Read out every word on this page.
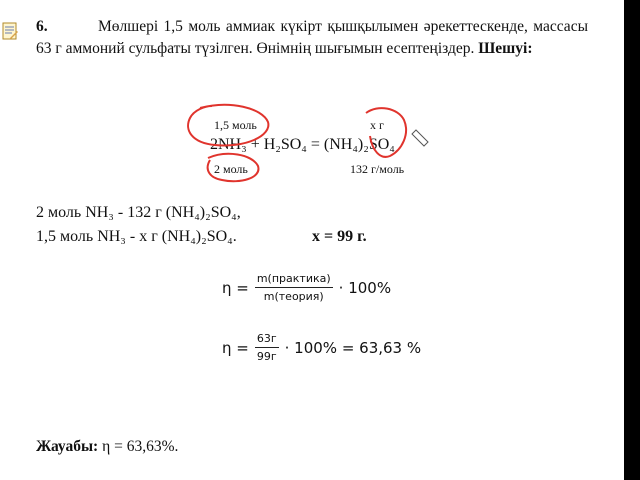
6.	Мөлшері 1,5 моль аммиак күкірт қышқылымен әрекеттескенде, массасы 63 г аммоний сульфаты түзілген. Өнімнің шығымын есептеңіздер. Шешуі:
1,5 моль	х г
2NH₃ + H₂SO₄ = (NH₄)₂SO₄
2 моль	132 г/моль
2 моль NH₃ - 132 г (NH₄)₂SO₄,
1,5 моль NH₃ - х г (NH₄)₂SO₄.	х = 99 г.
$\eta = \frac{\text{m(практика)}}{\text{m(теория)}} \cdot 100\%$
$\eta = \frac{63г}{99г} \cdot 100\% = 63,63$ %
Жауабы: η = 63,63%.
